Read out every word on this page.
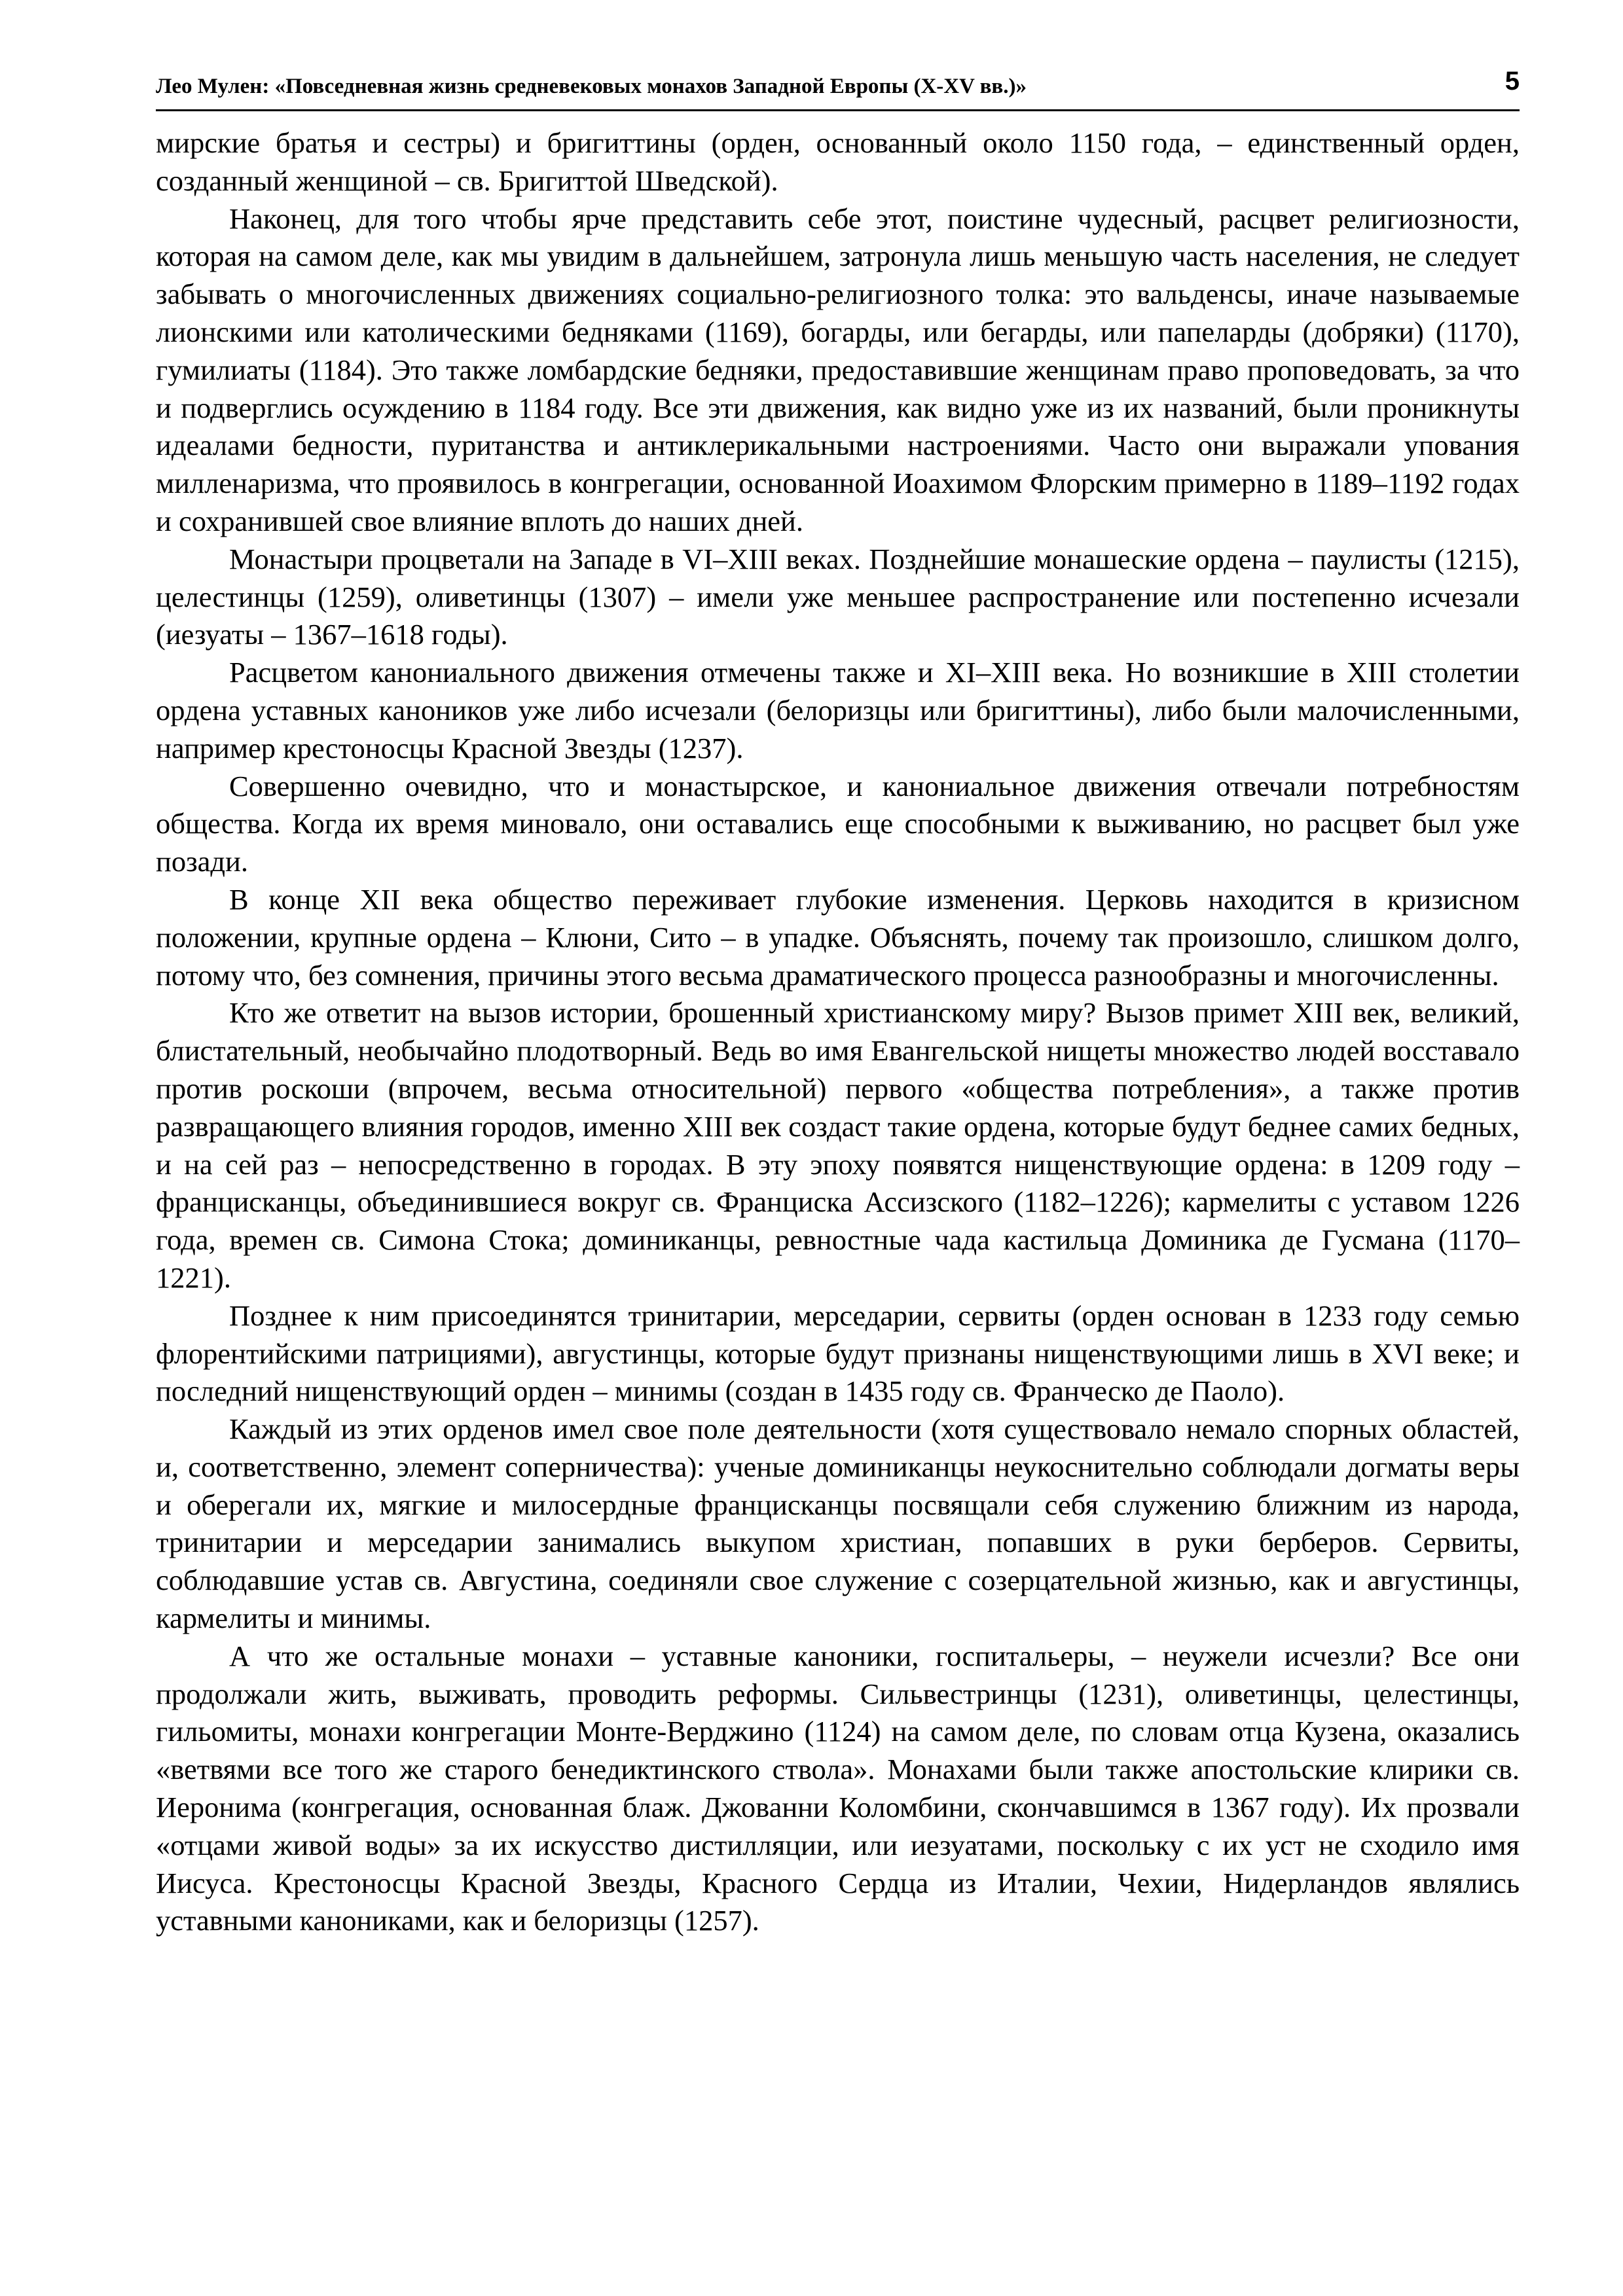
Лео Мулен: «Повседневная жизнь средневековых монахов Западной Европы (X-XV вв.)»	5

мирские братья и сестры) и бригиттины (орден, основанный около 1150 года, – единственный орден, созданный женщиной – св. Бригиттой Шведской).

Наконец, для того чтобы ярче представить себе этот, поистине чудесный, расцвет религиозности, которая на самом деле, как мы увидим в дальнейшем, затронула лишь меньшую часть населения, не следует забывать о многочисленных движениях социально-религиозного толка: это вальденсы, иначе называемые лионскими или католическими бедняками (1169), богарды, или бегарды, или папеларды (добряки) (1170), гумилиаты (1184). Это также ломбардские бедняки, предоставившие женщинам право проповедовать, за что и подверглись осуждению в 1184 году. Все эти движения, как видно уже из их названий, были проникнуты идеалами бедности, пуританства и антиклерикальными настроениями. Часто они выражали упования милленаризма, что проявилось в конгрегации, основанной Иоахимом Флорским примерно в 1189–1192 годах и сохранившей свое влияние вплоть до наших дней.

Монастыри процветали на Западе в VI–XIII веках. Позднейшие монашеские ордена – паулисты (1215), целестинцы (1259), оливетинцы (1307) – имели уже меньшее распространение или постепенно исчезали (иезуаты – 1367–1618 годы).

Расцветом канониального движения отмечены также и XI–XIII века. Но возникшие в XIII столетии ордена уставных каноников уже либо исчезали (белоризцы или бригиттины), либо были малочисленными, например крестоносцы Красной Звезды (1237).

Совершенно очевидно, что и монастырское, и канониальное движения отвечали потребностям общества. Когда их время миновало, они оставались еще способными к выживанию, но расцвет был уже позади.

В конце XII века общество переживает глубокие изменения. Церковь находится в кризисном положении, крупные ордена – Клюни, Сито – в упадке. Объяснять, почему так произошло, слишком долго, потому что, без сомнения, причины этого весьма драматического процесса разнообразны и многочисленны.

Кто же ответит на вызов истории, брошенный христианскому миру? Вызов примет XIII век, великий, блистательный, необычайно плодотворный. Ведь во имя Евангельской нищеты множество людей восставало против роскоши (впрочем, весьма относительной) первого «общества потребления», а также против развращающего влияния городов, именно XIII век создаст такие ордена, которые будут беднее самих бедных, и на сей раз – непосредственно в городах. В эту эпоху появятся нищенствующие ордена: в 1209 году – францисканцы, объединившиеся вокруг св. Франциска Ассизского (1182–1226); кармелиты с уставом 1226 года, времен св. Симона Стока; доминиканцы, ревностные чада кастильца Доминика де Гусмана (1170–1221).

Позднее к ним присоединятся тринитарии, мерседарии, сервиты (орден основан в 1233 году семью флорентийскими патрициями), августинцы, которые будут признаны нищенствующими лишь в XVI веке; и последний нищенствующий орден – минимы (создан в 1435 году св. Франческо де Паоло).

Каждый из этих орденов имел свое поле деятельности (хотя существовало немало спорных областей, и, соответственно, элемент соперничества): ученые доминиканцы неукоснительно соблюдали догматы веры и оберегали их, мягкие и милосердные францисканцы посвящали себя служению ближним из народа, тринитарии и мерседарии занимались выкупом христиан, попавших в руки берберов. Сервиты, соблюдавшие устав св. Августина, соединяли свое служение с созерцательной жизнью, как и августинцы, кармелиты и минимы.

А что же остальные монахи – уставные каноники, госпитальеры, – неужели исчезли? Все они продолжали жить, выживать, проводить реформы. Сильвестринцы (1231), оливетинцы, целестинцы, гильомиты, монахи конгрегации Монте-Верджино (1124) на самом деле, по словам отца Кузена, оказались «ветвями все того же старого бенедиктинского ствола». Монахами были также апостольские клирики св. Иеронима (конгрегация, основанная блаж. Джованни Коломбини, скончавшимся в 1367 году). Их прозвали «отцами живой воды» за их искусство дистилляции, или иезуатами, поскольку с их уст не сходило имя Иисуса. Крестоносцы Красной Звезды, Красного Сердца из Италии, Чехии, Нидерландов являлись уставными канониками, как и белоризцы (1257).
